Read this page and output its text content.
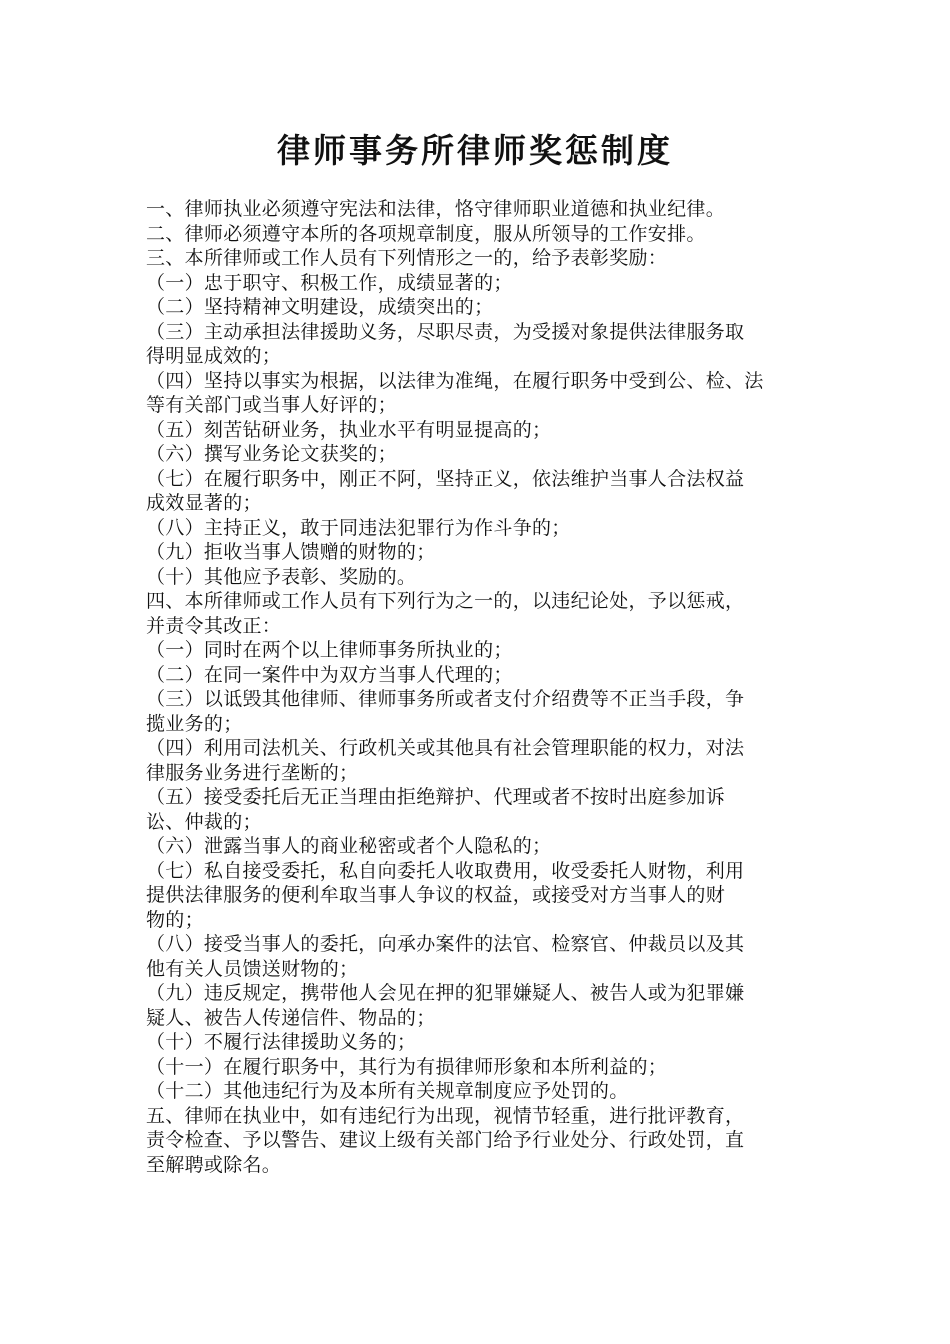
律师事务所律师奖惩制度
一、律师执业必须遵守宪法和法律，恪守律师职业道德和执业纪律。
二、律师必须遵守本所的各项规章制度，服从所领导的工作安排。
三、本所律师或工作人员有下列情形之一的，给予表彰奖励：
（一）忠于职守、积极工作，成绩显著的；
（二）坚持精神文明建设，成绩突出的；
（三）主动承担法律援助义务，尽职尽责，为受援对象提供法律服务取
得明显成效的；
（四）坚持以事实为根据，以法律为准绳，在履行职务中受到公、检、法
等有关部门或当事人好评的；
（五）刻苦钻研业务，执业水平有明显提高的；
（六）撰写业务论文获奖的；
（七）在履行职务中，刚正不阿，坚持正义，依法维护当事人合法权益
成效显著的；
（八）主持正义，敢于同违法犯罪行为作斗争的；
（九）拒收当事人馈赠的财物的；
（十）其他应予表彰、奖励的。
四、本所律师或工作人员有下列行为之一的，以违纪论处，予以惩戒，
并责令其改正：
（一）同时在两个以上律师事务所执业的；
（二）在同一案件中为双方当事人代理的；
（三）以诋毁其他律师、律师事务所或者支付介绍费等不正当手段，争
揽业务的；
（四）利用司法机关、行政机关或其他具有社会管理职能的权力，对法
律服务业务进行垄断的；
（五）接受委托后无正当理由拒绝辩护、代理或者不按时出庭参加诉
讼、仲裁的；
（六）泄露当事人的商业秘密或者个人隐私的；
（七）私自接受委托，私自向委托人收取费用，收受委托人财物，利用
提供法律服务的便利牟取当事人争议的权益，或接受对方当事人的财
物的；
（八）接受当事人的委托，向承办案件的法官、检察官、仲裁员以及其
他有关人员馈送财物的；
（九）违反规定，携带他人会见在押的犯罪嫌疑人、被告人或为犯罪嫌
疑人、被告人传递信件、物品的；
（十）不履行法律援助义务的；
（十一）在履行职务中，其行为有损律师形象和本所利益的；
（十二）其他违纪行为及本所有关规章制度应予处罚的。
五、律师在执业中，如有违纪行为出现，视情节轻重，进行批评教育，
责令检查、予以警告、建议上级有关部门给予行业处分、行政处罚，直
至解聘或除名。
